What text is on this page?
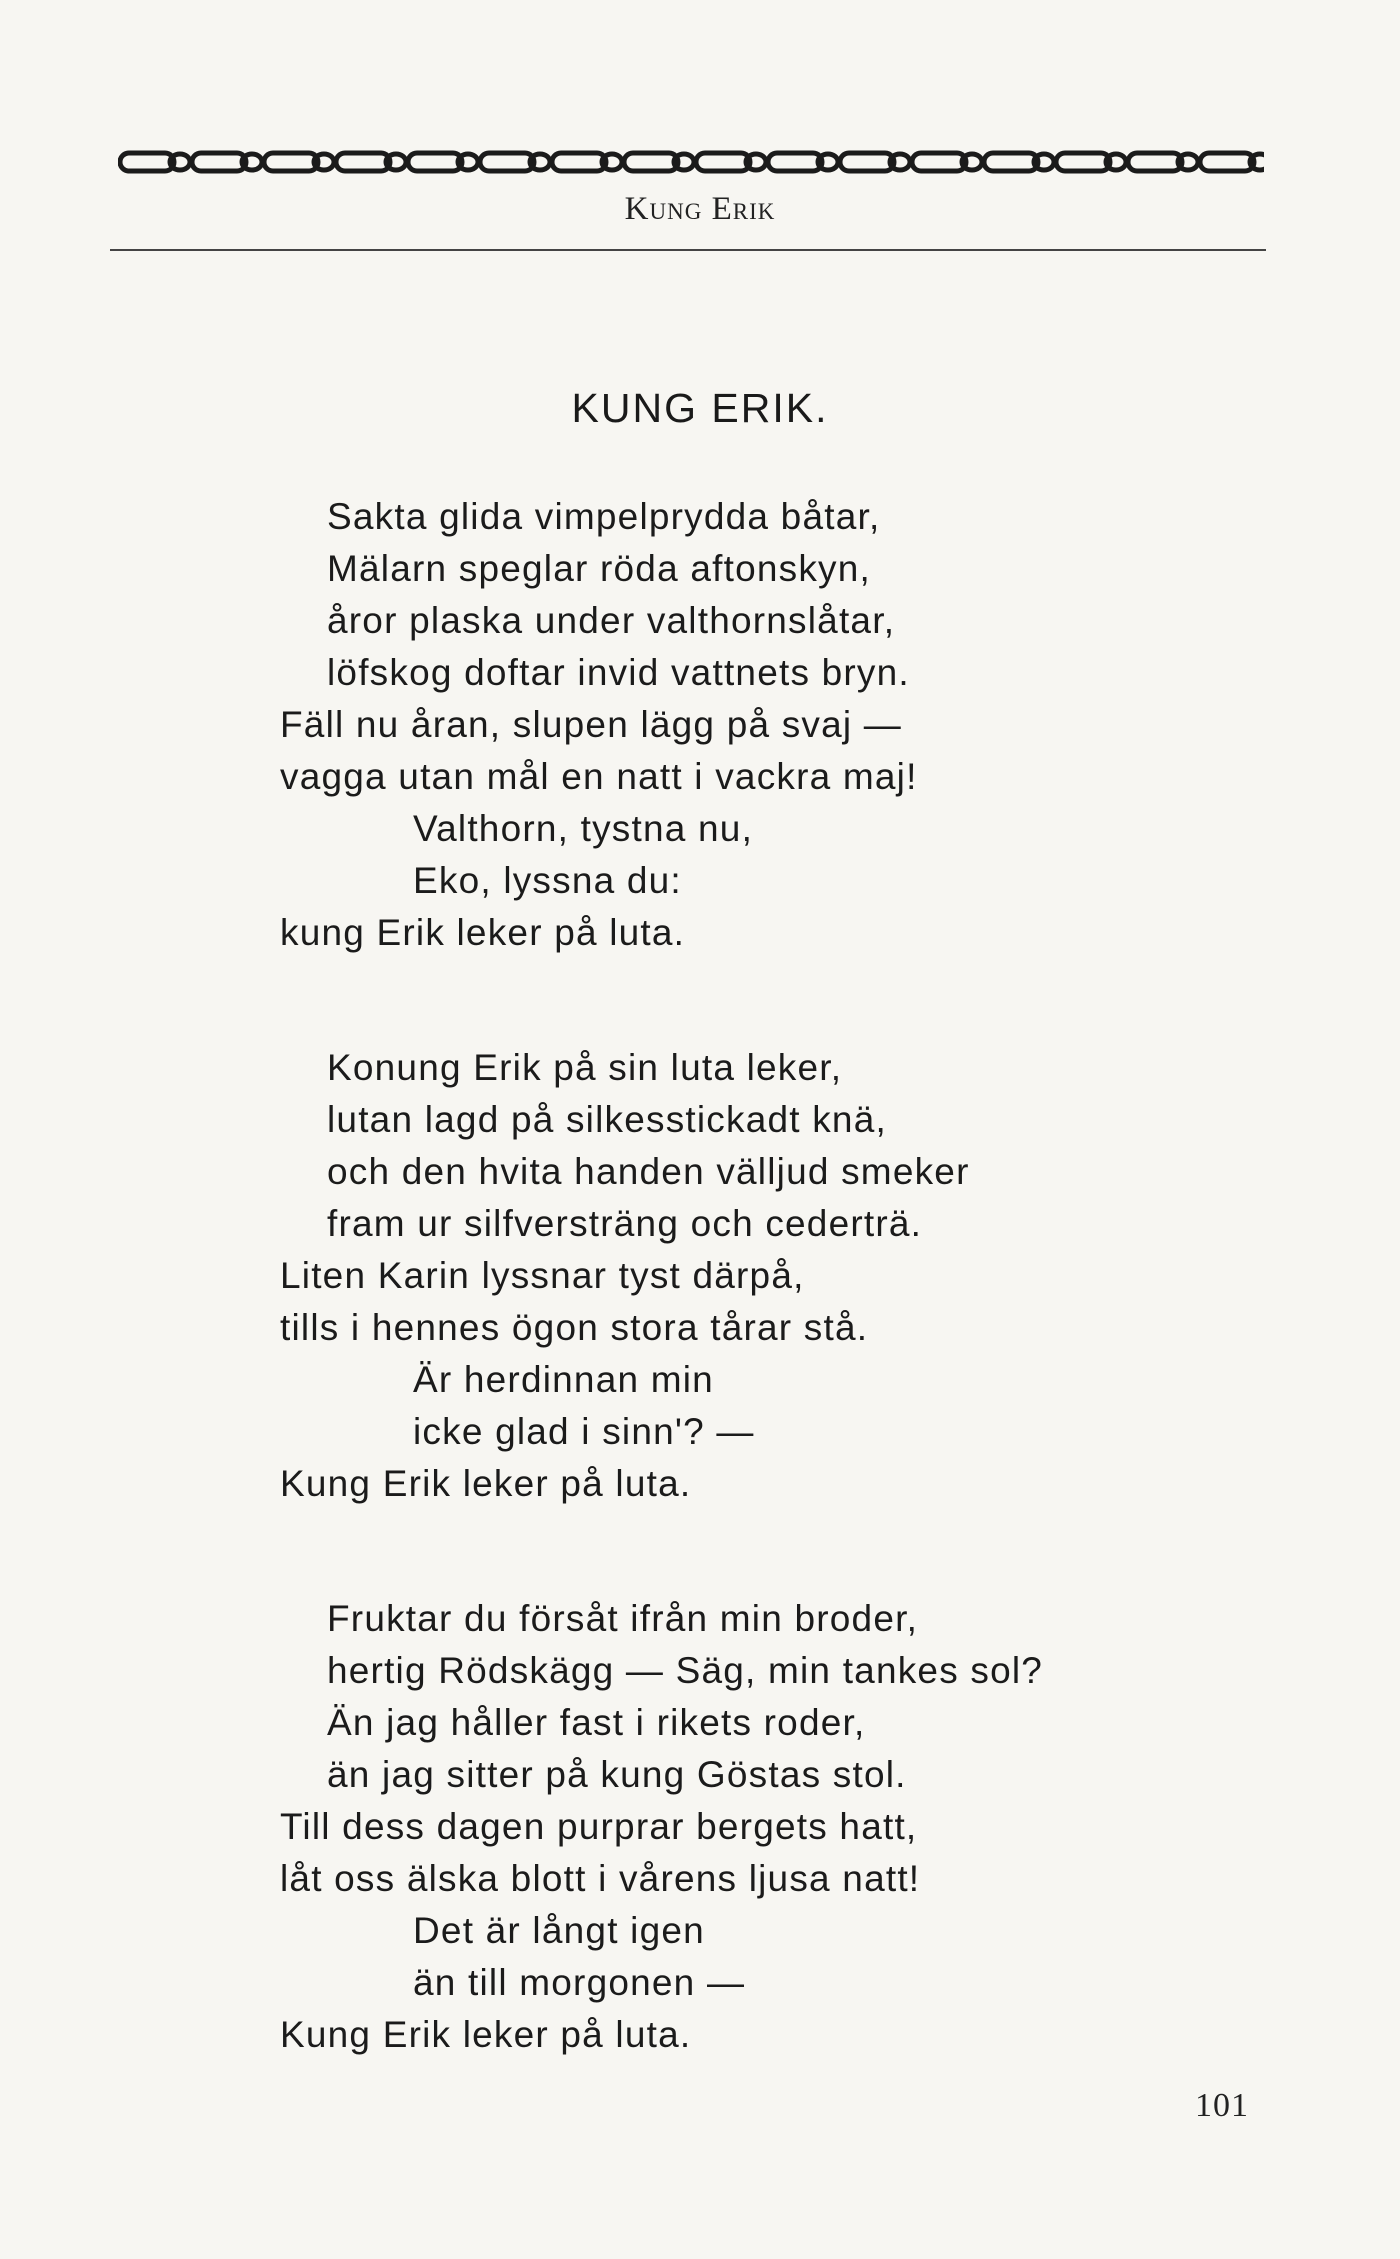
Kung Erik
KUNG ERIK.
Sakta glida vimpelprydda båtar,
Mälarn speglar röda aftonskyn,
åror plaska under valthornslåtar,
löfskog doftar invid vattnets bryn.
Fäll nu åran, slupen lägg på svaj —
vagga utan mål en natt i vackra maj!
Valthorn, tystna nu,
Eko, lyssna du:
kung Erik leker på luta.
Konung Erik på sin luta leker,
lutan lagd på silkesstickadt knä,
och den hvita handen välljud smeker
fram ur silfversträng och cederträ.
Liten Karin lyssnar tyst därpå,
tills i hennes ögon stora tårar stå.
Är herdinnan min
icke glad i sinn'? —
Kung Erik leker på luta.
Fruktar du försåt ifrån min broder,
hertig Rödskägg — Säg, min tankes sol?
Än jag håller fast i rikets roder,
än jag sitter på kung Göstas stol.
Till dess dagen purprar bergets hatt,
låt oss älska blott i vårens ljusa natt!
Det är långt igen
än till morgonen —
Kung Erik leker på luta.
101
